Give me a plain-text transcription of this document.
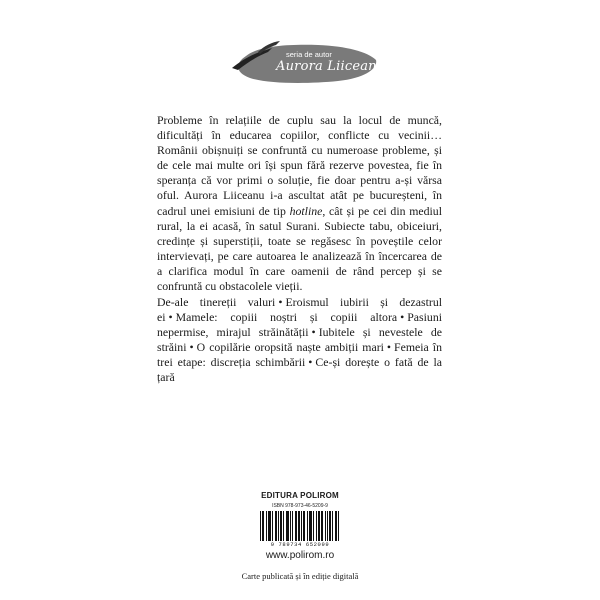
seria de autor
Aurora Liiceanu

Probleme în relațiile de cuplu sau la locul de muncă, dificultăți în educarea copiilor, conflicte cu vecinii… Românii obișnuiți se confruntă cu numeroase probleme, și de cele mai multe ori își spun fără rezerve povestea, fie în speranța că vor primi o soluție, fie doar pentru a-și vărsa oful. Aurora Liiceanu i-a ascultat atât pe bucureșteni, în cadrul unei emisiuni de tip hotline, cât și pe cei din mediul rural, la ei acasă, în satul Surani. Subiecte tabu, obiceiuri, credințe și superstiții, toate se regăsesc în poveștile celor intervievați, pe care autoarea le analizează în încercarea de a clarifica modul în care oamenii de rând percep și se confruntă cu obstacolele vieții.

De-ale tinereții valuri • Eroismul iubirii și dezastrul ei • Mamele: copiii noștri și copiii altora • Pasiuni nepermise, mirajul străinătății • Iubitele și nevestele de străini • O copilărie oropsită naște ambiții mari • Femeia în trei etape: discreția schimbării • Ce-și dorește o fată de la țară
EDITURA POLIROM
ISBN 978-973-46-5209-9
9 789734 652099
www.polirom.ro
Carte publicată și în ediție digitală
